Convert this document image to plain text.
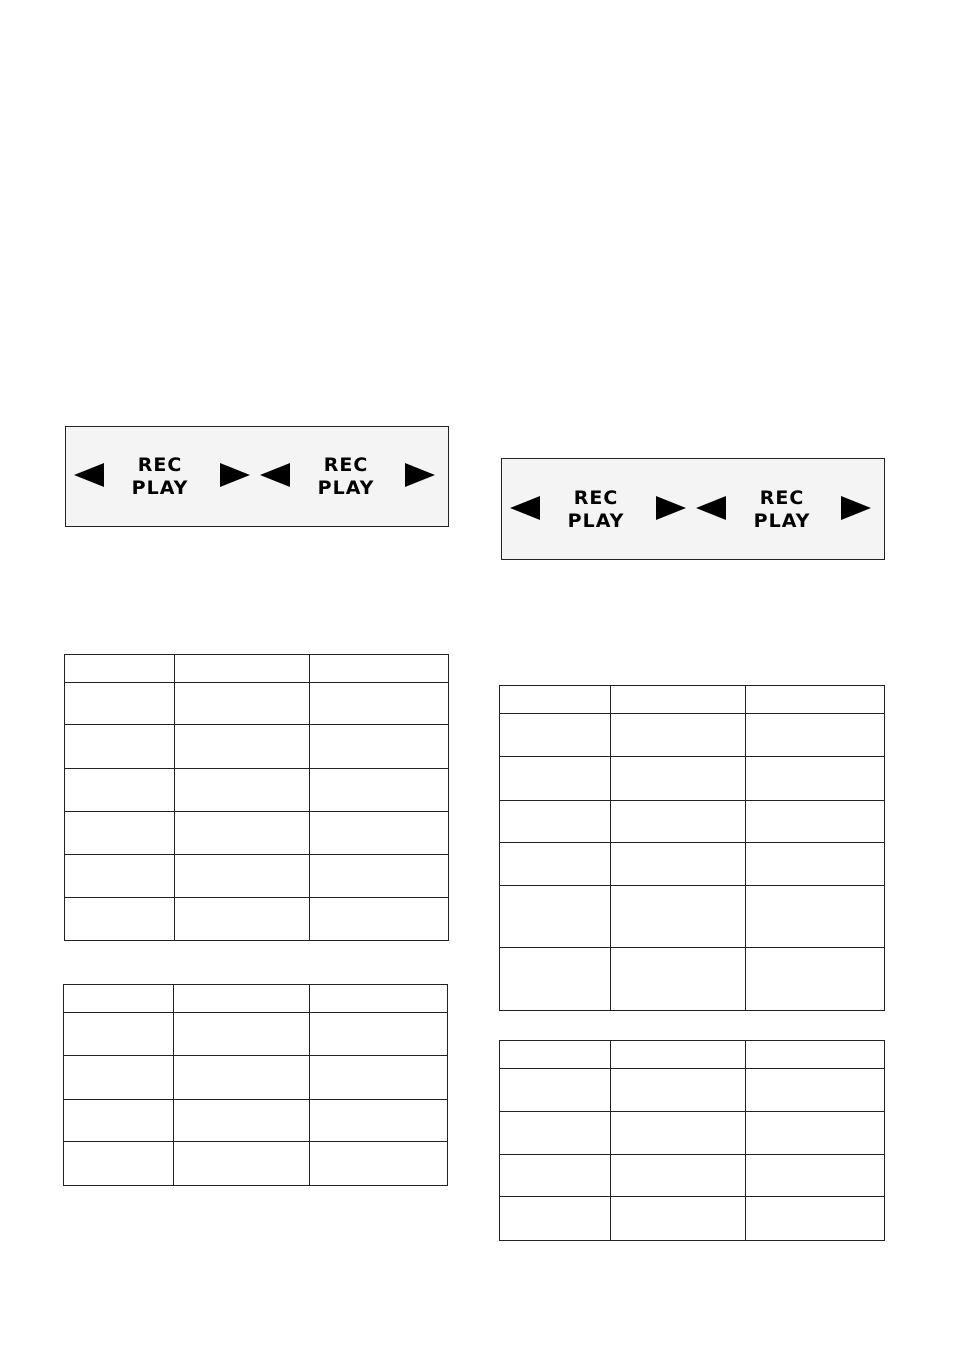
REC
PLAY
REC
PLAY	REC
PLAY
REC
PLAY
